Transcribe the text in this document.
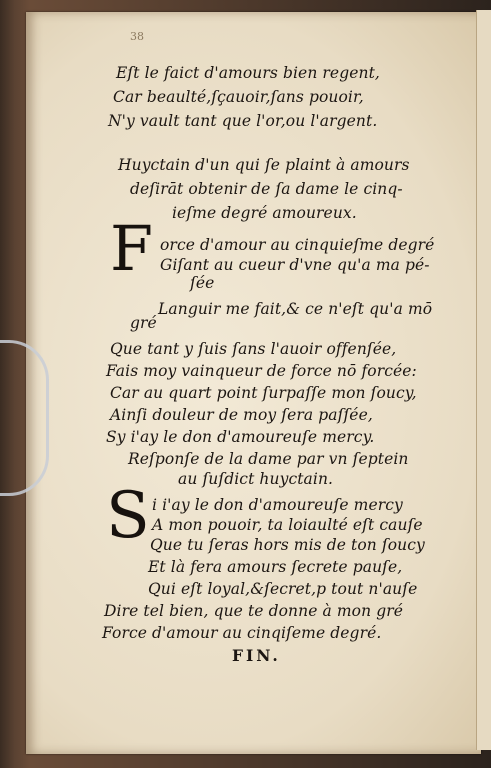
38
Eſt le faict d'amours bien regent,
Car beaulté,ſçauoir,ſans pouoir,
N'y vault tant que l'or,ou l'argent.
Huyctain d'un qui ſe plaint à amours
deſirāt obtenir de ſa dame le cinq-
ieſme degré amoureux.
F orce d'amour au cinquieſme degré
Giſant au cueur d'vne qu'a ma pé-
ſée
Languir me fait,& ce n'eſt qu'a mō
gré
Que tant y ſuis ſans l'auoir offenſée,
Fais moy vainqueur de force nō forcée:
Car au quart point ſurpaſſe mon ſoucy,
Ainſi douleur de moy ſera paſſée,
Sy i'ay le don d'amoureuſe mercy.
Reſponſe de la dame par vn ſeptein
au ſuſdict huyctain.
S i i'ay le don d'amoureuſe mercy
A mon pouoir, ta loiaulté eſt cauſe
Que tu ſeras hors mis de ton ſoucy
Et là fera amours ſecrete pauſe,
Qui eſt loyal,&ſecret,p tout n'auſe
Dire tel bien, que te donne à mon gré
Force d'amour au cinqiſeme degré.
FIN.
